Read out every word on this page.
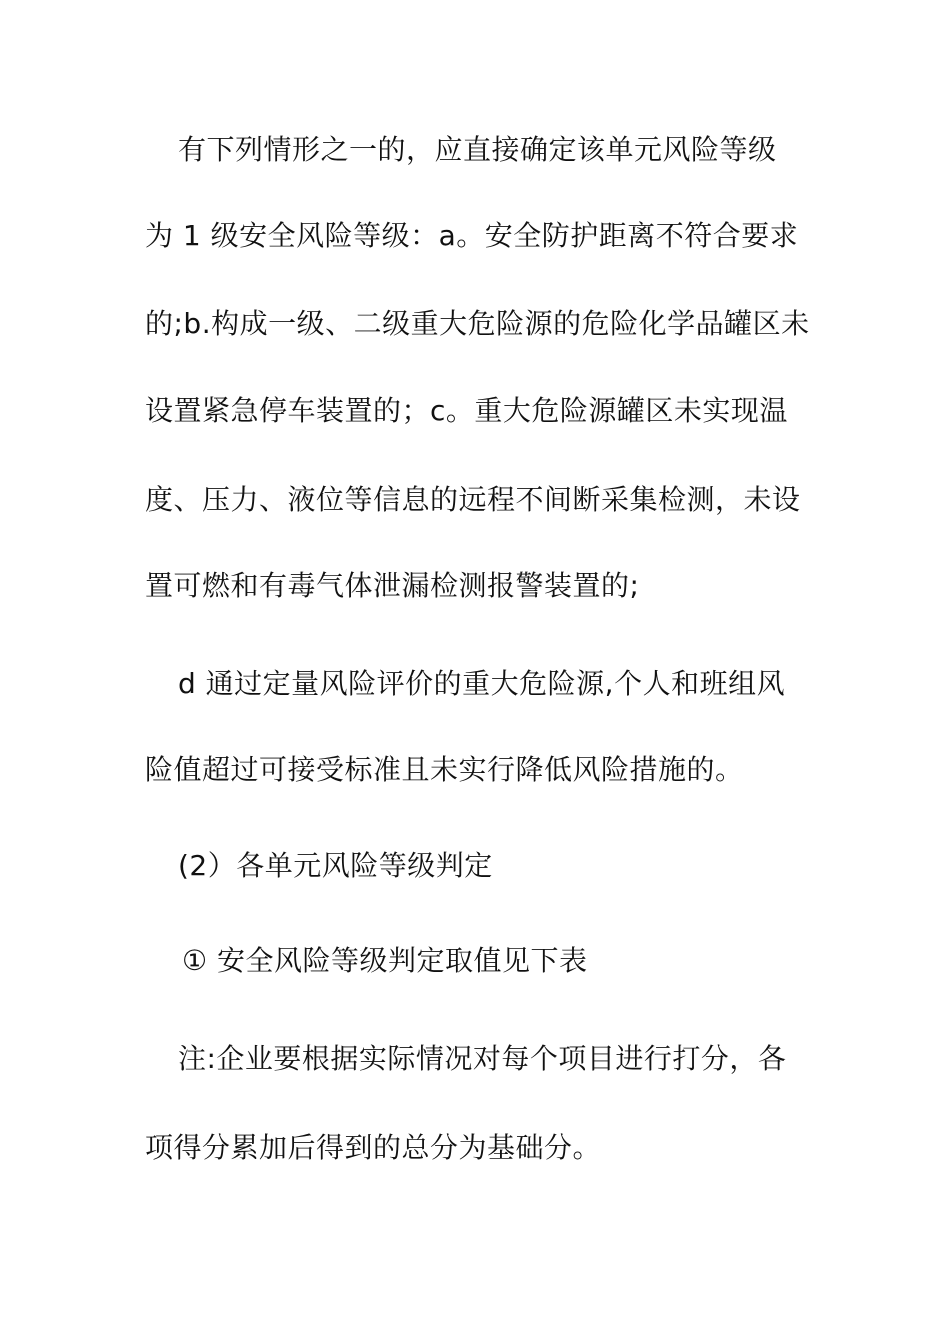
有下列情形之一的，应直接确定该单元风险等级
为 1 级安全风险等级：a。安全防护距离不符合要求
的;b.构成一级、二级重大危险源的危险化学品罐区未
设置紧急停车装置的；c。重大危险源罐区未实现温
度、压力、液位等信息的远程不间断采集检测，未设
置可燃和有毒气体泄漏检测报警装置的;
d 通过定量风险评价的重大危险源,个人和班组风
险值超过可接受标准且未实行降低风险措施的。
(2）各单元风险等级判定
① 安全风险等级判定取值见下表
注:企业要根据实际情况对每个项目进行打分，各
项得分累加后得到的总分为基础分。
